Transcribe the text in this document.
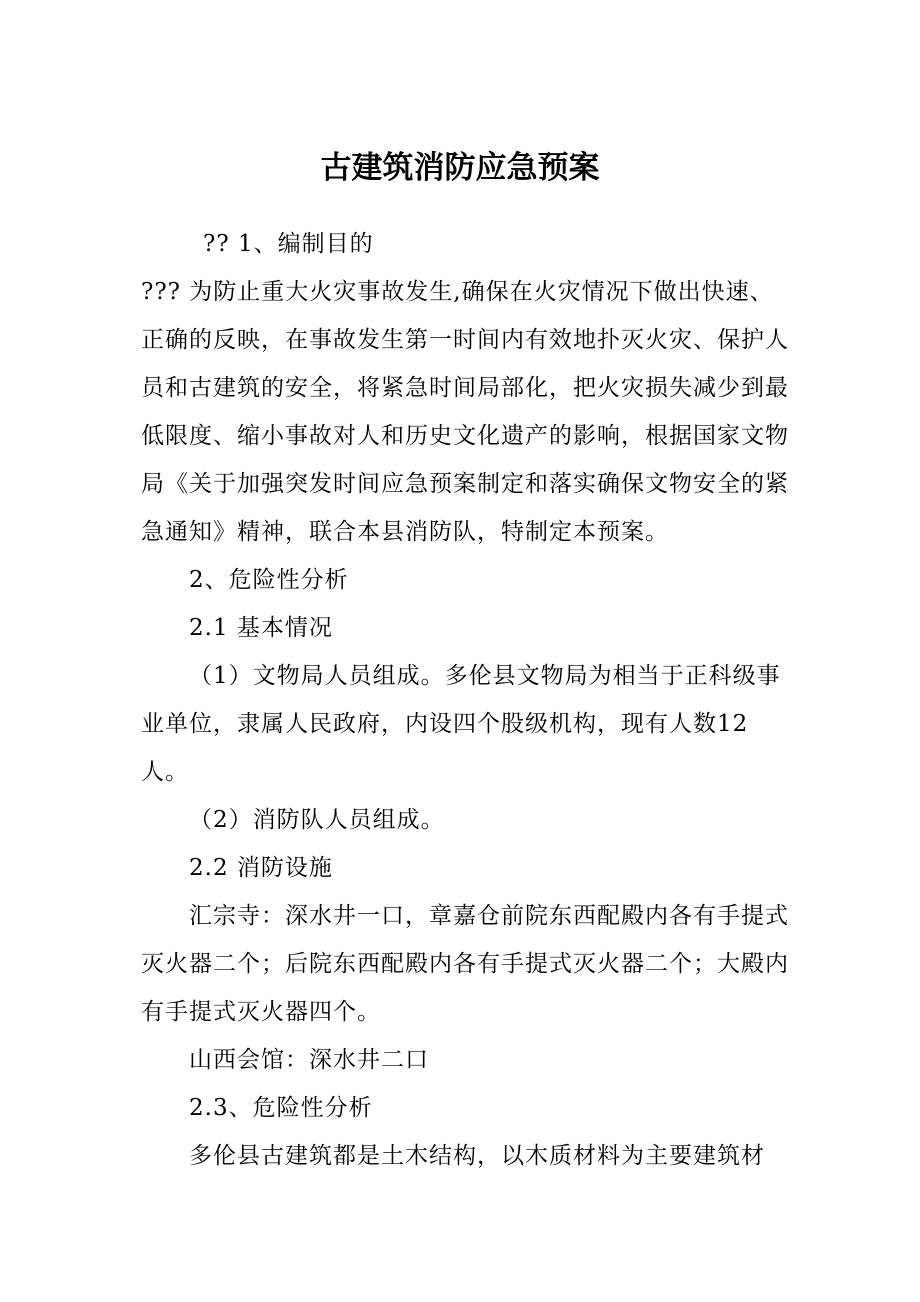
古建筑消防应急预案

?? 1、编制目的

??? 为防止重大火灾事故发生,确保在火灾情况下做出快速、正确的反映，在事故发生第一时间内有效地扑灭火灾、保护人员和古建筑的安全，将紧急时间局部化，把火灾损失减少到最低限度、缩小事故对人和历史文化遗产的影响，根据国家文物局《关于加强突发时间应急预案制定和落实确保文物安全的紧急通知》精神，联合本县消防队，特制定本预案。

2、危险性分析

2.1 基本情况

（1）文物局人员组成。多伦县文物局为相当于正科级事业单位，隶属人民政府，内设四个股级机构，现有人数12人。

（2）消防队人员组成。

2.2 消防设施

汇宗寺：深水井一口，章嘉仓前院东西配殿内各有手提式灭火器二个；后院东西配殿内各有手提式灭火器二个；大殿内有手提式灭火器四个。

山西会馆：深水井二口

2.3、危险性分析

多伦县古建筑都是土木结构，以木质材料为主要建筑材
